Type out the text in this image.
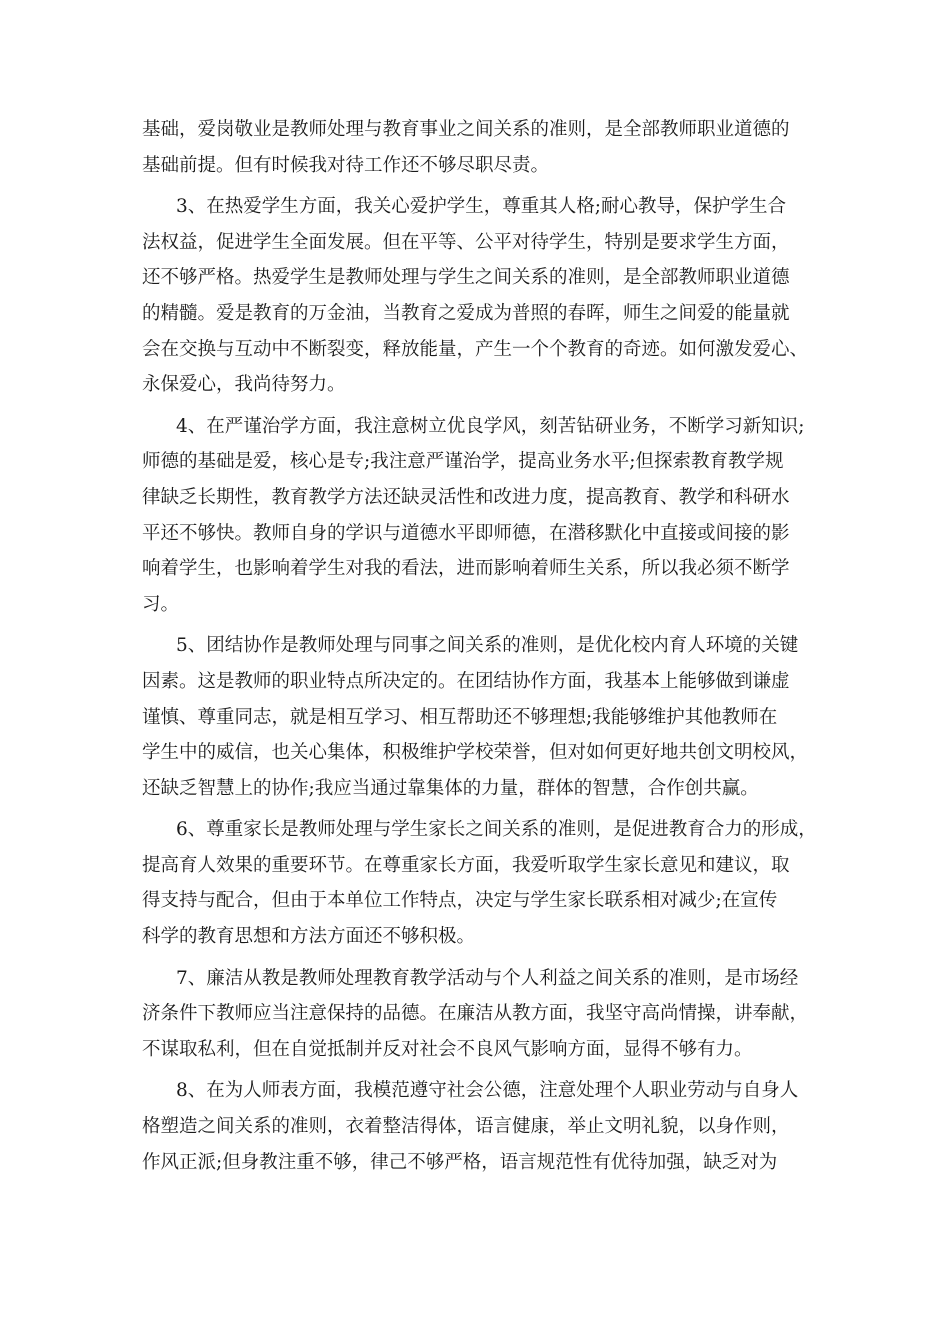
基础，爱岗敬业是教师处理与教育事业之间关系的准则，是全部教师职业道德的
基础前提。但有时候我对待工作还不够尽职尽责。
3、在热爱学生方面，我关心爱护学生，尊重其人格;耐心教导，保护学生合
法权益，促进学生全面发展。但在平等、公平对待学生，特别是要求学生方面，
还不够严格。热爱学生是教师处理与学生之间关系的准则，是全部教师职业道德
的精髓。爱是教育的万金油，当教育之爱成为普照的春晖，师生之间爱的能量就
会在交换与互动中不断裂变，释放能量，产生一个个教育的奇迹。如何激发爱心、
永保爱心，我尚待努力。
4、在严谨治学方面，我注意树立优良学风，刻苦钻研业务，不断学习新知识;
师德的基础是爱，核心是专;我注意严谨治学，提高业务水平;但探索教育教学规
律缺乏长期性，教育教学方法还缺灵活性和改进力度，提高教育、教学和科研水
平还不够快。教师自身的学识与道德水平即师德，在潜移默化中直接或间接的影
响着学生，也影响着学生对我的看法，进而影响着师生关系，所以我必须不断学
习。
5、团结协作是教师处理与同事之间关系的准则，是优化校内育人环境的关键
因素。这是教师的职业特点所决定的。在团结协作方面，我基本上能够做到谦虚
谨慎、尊重同志，就是相互学习、相互帮助还不够理想;我能够维护其他教师在
学生中的威信，也关心集体，积极维护学校荣誉，但对如何更好地共创文明校风，
还缺乏智慧上的协作;我应当通过靠集体的力量，群体的智慧，合作创共赢。
6、尊重家长是教师处理与学生家长之间关系的准则，是促进教育合力的形成，
提高育人效果的重要环节。在尊重家长方面，我爱听取学生家长意见和建议，取
得支持与配合，但由于本单位工作特点，决定与学生家长联系相对减少;在宣传
科学的教育思想和方法方面还不够积极。
7、廉洁从教是教师处理教育教学活动与个人利益之间关系的准则，是市场经
济条件下教师应当注意保持的品德。在廉洁从教方面，我坚守高尚情操，讲奉献，
不谋取私利，但在自觉抵制并反对社会不良风气影响方面，显得不够有力。
8、在为人师表方面，我模范遵守社会公德，注意处理个人职业劳动与自身人
格塑造之间关系的准则，衣着整洁得体，语言健康，举止文明礼貌，以身作则，
作风正派;但身教注重不够，律己不够严格，语言规范性有优待加强，缺乏对为
